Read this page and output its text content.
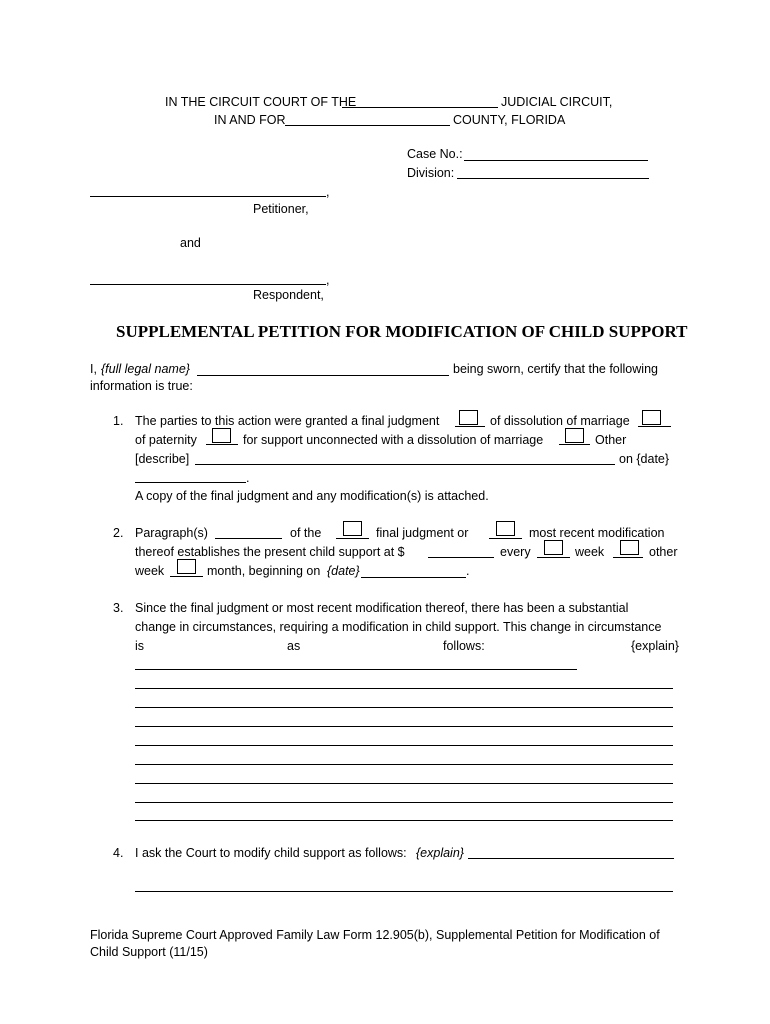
IN THE CIRCUIT COURT OF THE	JUDICIAL CIRCUIT,
IN AND FOR	COUNTY, FLORIDA
Case No.:
Division:
,
Petitioner,
and
,
Respondent,
SUPPLEMENTAL PETITION FOR MODIFICATION OF CHILD SUPPORT
I, {full legal name}	being sworn, certify that the following
information is true:
1. The parties to this action were granted a final judgment	of dissolution of marriage
of paternity	for support unconnected with a dissolution of marriage	Other
[describe]	on {date}
.
A copy of the final judgment and any modification(s) is attached.
2. Paragraph(s)	of the	final judgment or	most recent modification
thereof establishes the present child support at $	every	week	other
week	month, beginning on {date}	.
3. Since the final judgment or most recent modification thereof, there has been a substantial
change in circumstances, requiring a modification in child support. This change in circumstance
is	as	follows:	{explain}
4. I ask the Court to modify child support as follows: {explain}
Florida Supreme Court Approved Family Law Form 12.905(b), Supplemental Petition for Modification of
Child Support (11/15)
